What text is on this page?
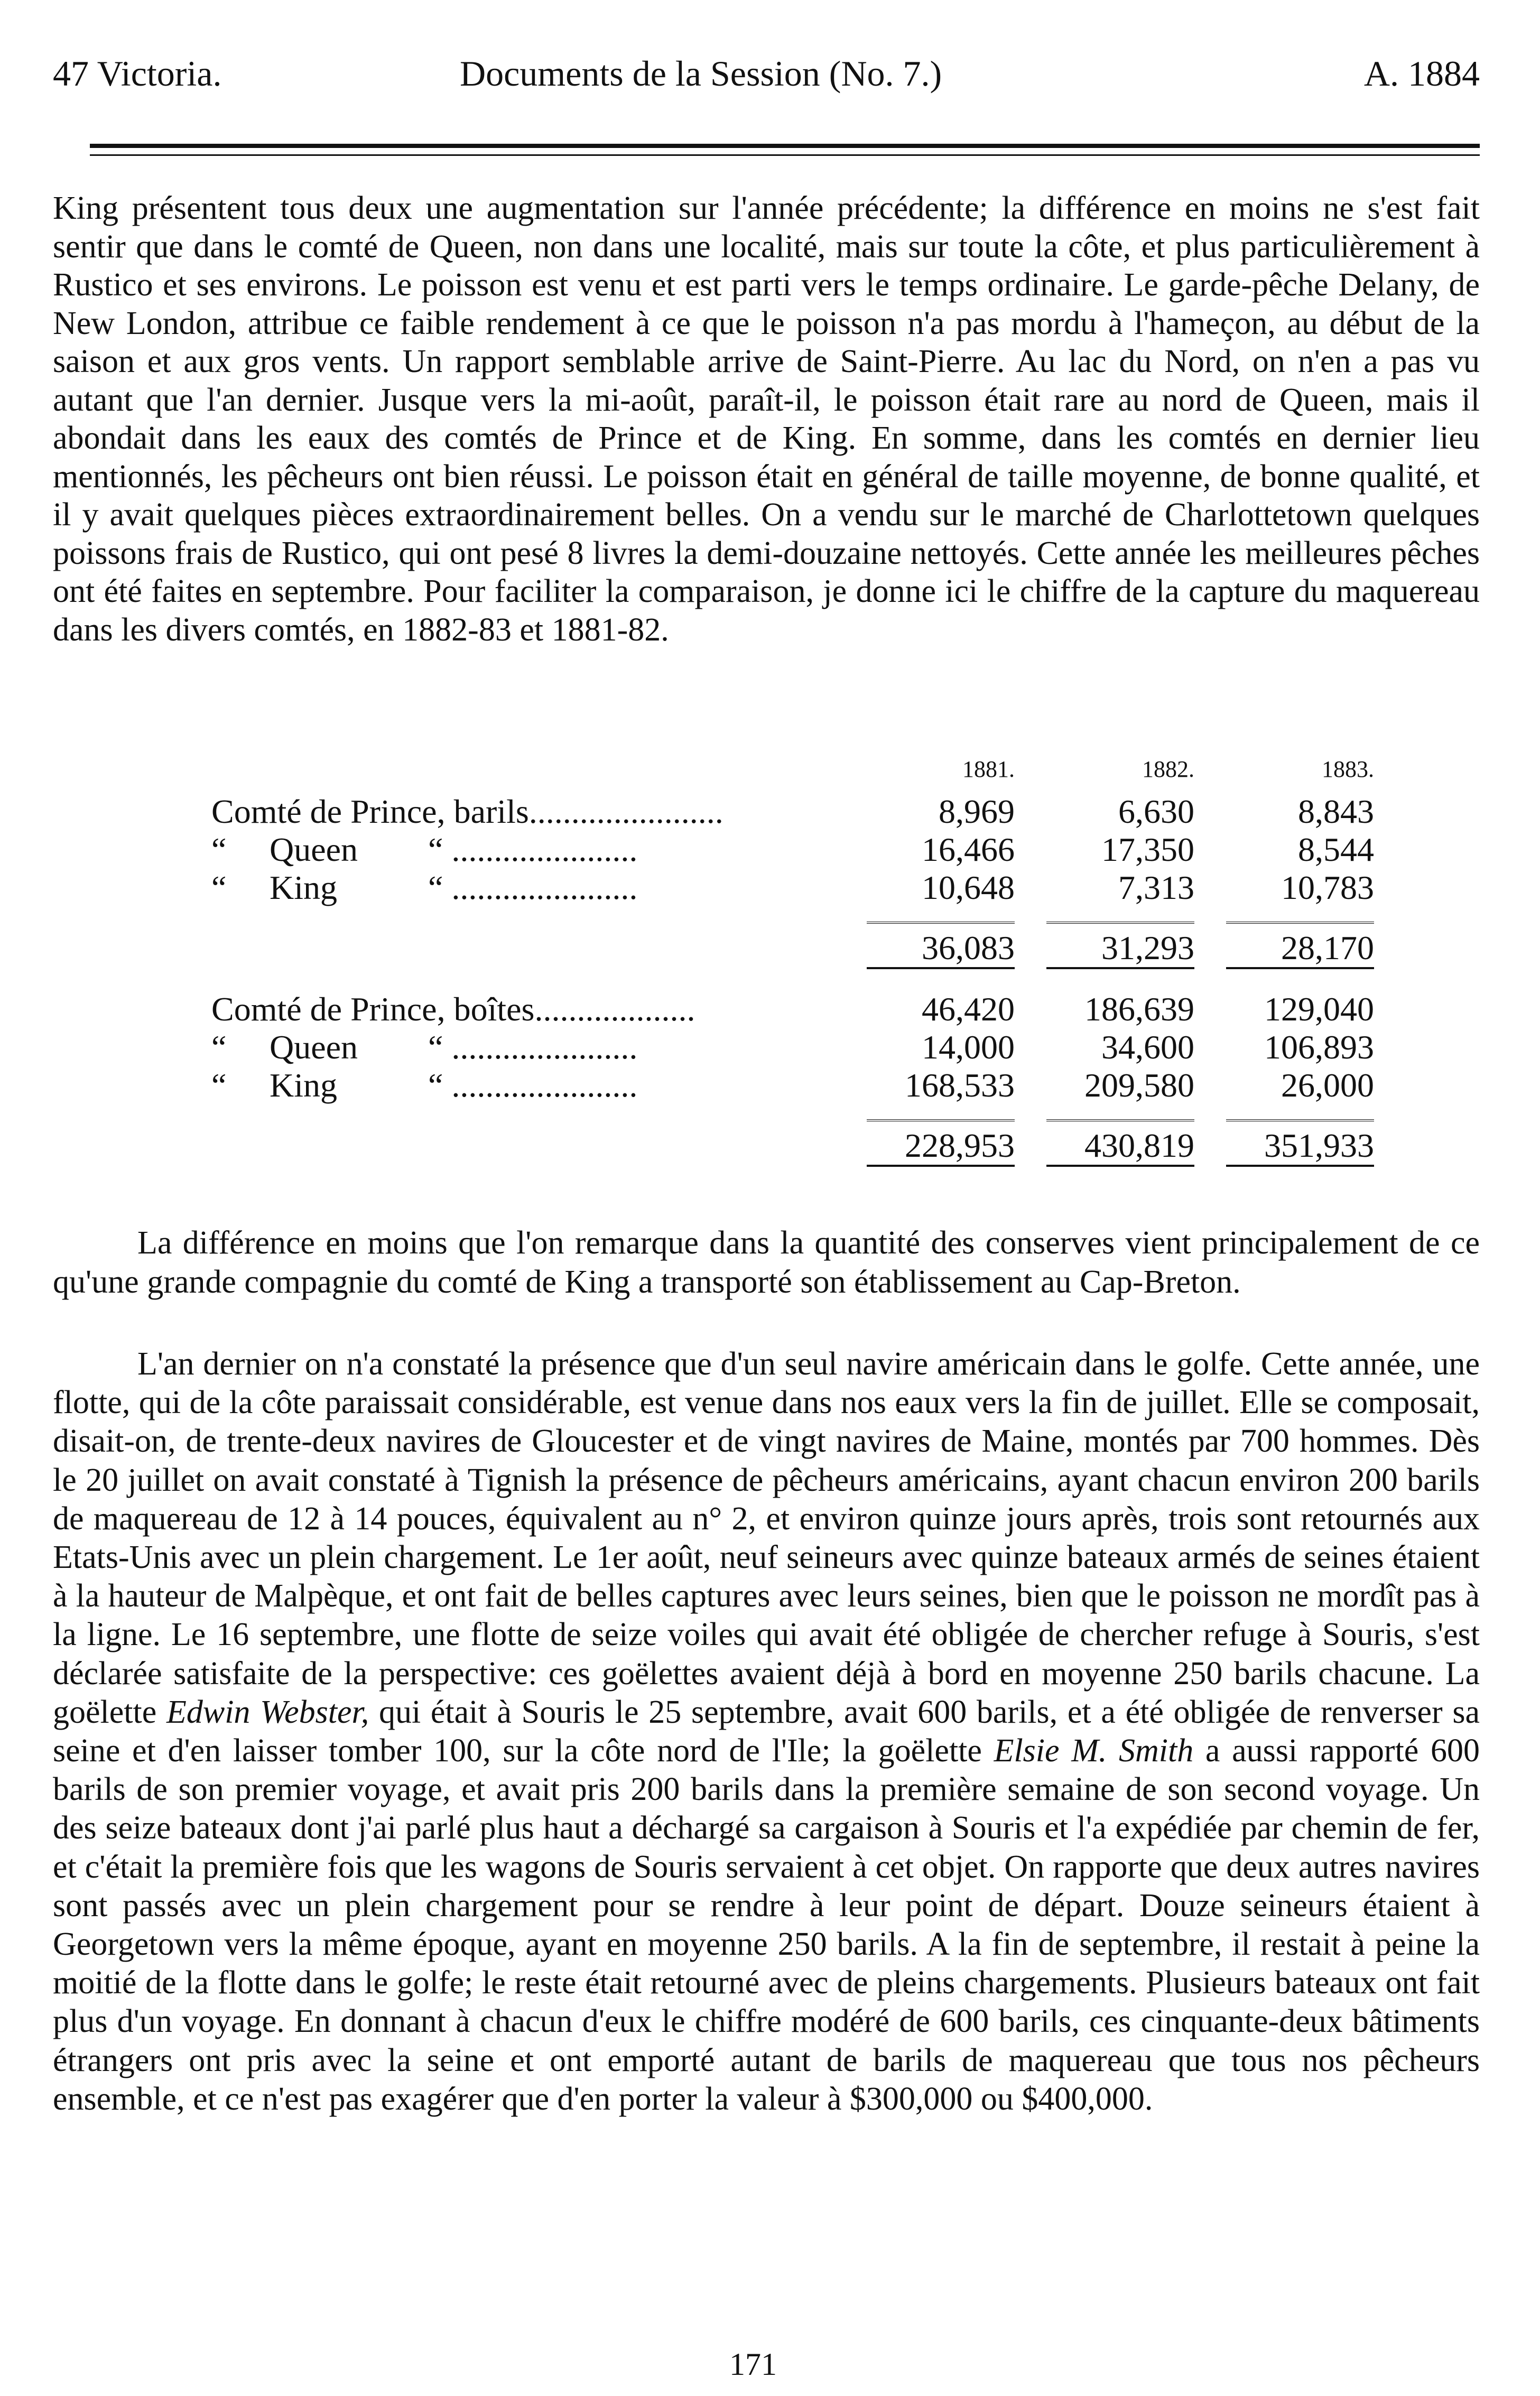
47 Victoria.	Documents de la Session (No. 7.)	A. 1884

King présentent tous deux une augmentation sur l'année précédente; la différence en moins ne s'est fait sentir que dans le comté de Queen, non dans une localité, mais sur toute la côte, et plus particulièrement à Rustico et ses environs. Le poisson est venu et est parti vers le temps ordinaire. Le garde-pêche Delany, de New London, attribue ce faible rendement à ce que le poisson n'a pas mordu à l'hameçon, au début de la saison et aux gros vents. Un rapport semblable arrive de Saint-Pierre. Au lac du Nord, on n'en a pas vu autant que l'an dernier. Jusque vers la mi-août, paraît-il, le poisson était rare au nord de Queen, mais il abondait dans les eaux des comtés de Prince et de King. En somme, dans les comtés en dernier lieu mentionnés, les pêcheurs ont bien réussi. Le poisson était en général de taille moyenne, de bonne qualité, et il y avait quelques pièces extraordinairement belles. On a vendu sur le marché de Charlottetown quelques poissons frais de Rustico, qui ont pesé 8 livres la demi-douzaine nettoyés. Cette année les meilleures pêches ont été faites en septembre. Pour faciliter la comparaison, je donne ici le chiffre de la capture du maquereau dans les divers comtés, en 1882-83 et 1881-82.

	1881.	1882.	1883.
Comté de Prince, barils.......................	8,969	6,630	8,843
“ Queen “ ......................	16,466	17,350	8,544
“ King “ ......................	10,648	7,313	10,783
	36,083	31,293	28,170

Comté de Prince, boîtes...................	46,420	186,639	129,040
“ Queen “ ......................	14,000	34,600	106,893
“ King “ ......................	168,533	209,580	26,000
	228,953	430,819	351,933

La différence en moins que l'on remarque dans la quantité des conserves vient principalement de ce qu'une grande compagnie du comté de King a transporté son établissement au Cap-Breton.

L'an dernier on n'a constaté la présence que d'un seul navire américain dans le golfe. Cette année, une flotte, qui de la côte paraissait considérable, est venue dans nos eaux vers la fin de juillet. Elle se composait, disait-on, de trente-deux navires de Gloucester et de vingt navires de Maine, montés par 700 hommes. Dès le 20 juillet on avait constaté à Tignish la présence de pêcheurs américains, ayant chacun environ 200 barils de maquereau de 12 à 14 pouces, équivalent au n° 2, et environ quinze jours après, trois sont retournés aux Etats-Unis avec un plein chargement. Le 1er août, neuf seineurs avec quinze bateaux armés de seines étaient à la hauteur de Malpèque, et ont fait de belles captures avec leurs seines, bien que le poisson ne mordît pas à la ligne. Le 16 septembre, une flotte de seize voiles qui avait été obligée de chercher refuge à Souris, s'est déclarée satisfaite de la perspective: ces goëlettes avaient déjà à bord en moyenne 250 barils chacune. La goëlette Edwin Webster, qui était à Souris le 25 septembre, avait 600 barils, et a été obligée de renverser sa seine et d'en laisser tomber 100, sur la côte nord de l'Ile; la goëlette Elsie M. Smith a aussi rapporté 600 barils de son premier voyage, et avait pris 200 barils dans la première semaine de son second voyage. Un des seize bateaux dont j'ai parlé plus haut a déchargé sa cargaison à Souris et l'a expédiée par chemin de fer, et c'était la première fois que les wagons de Souris servaient à cet objet. On rapporte que deux autres navires sont passés avec un plein chargement pour se rendre à leur point de départ. Douze seineurs étaient à Georgetown vers la même époque, ayant en moyenne 250 barils. A la fin de septembre, il restait à peine la moitié de la flotte dans le golfe; le reste était retourné avec de pleins chargements. Plusieurs bateaux ont fait plus d'un voyage. En donnant à chacun d'eux le chiffre modéré de 600 barils, ces cinquante-deux bâtiments étrangers ont pris avec la seine et ont emporté autant de barils de maquereau que tous nos pêcheurs ensemble, et ce n'est pas exagérer que d'en porter la valeur à $300,000 ou $400,000.

171
